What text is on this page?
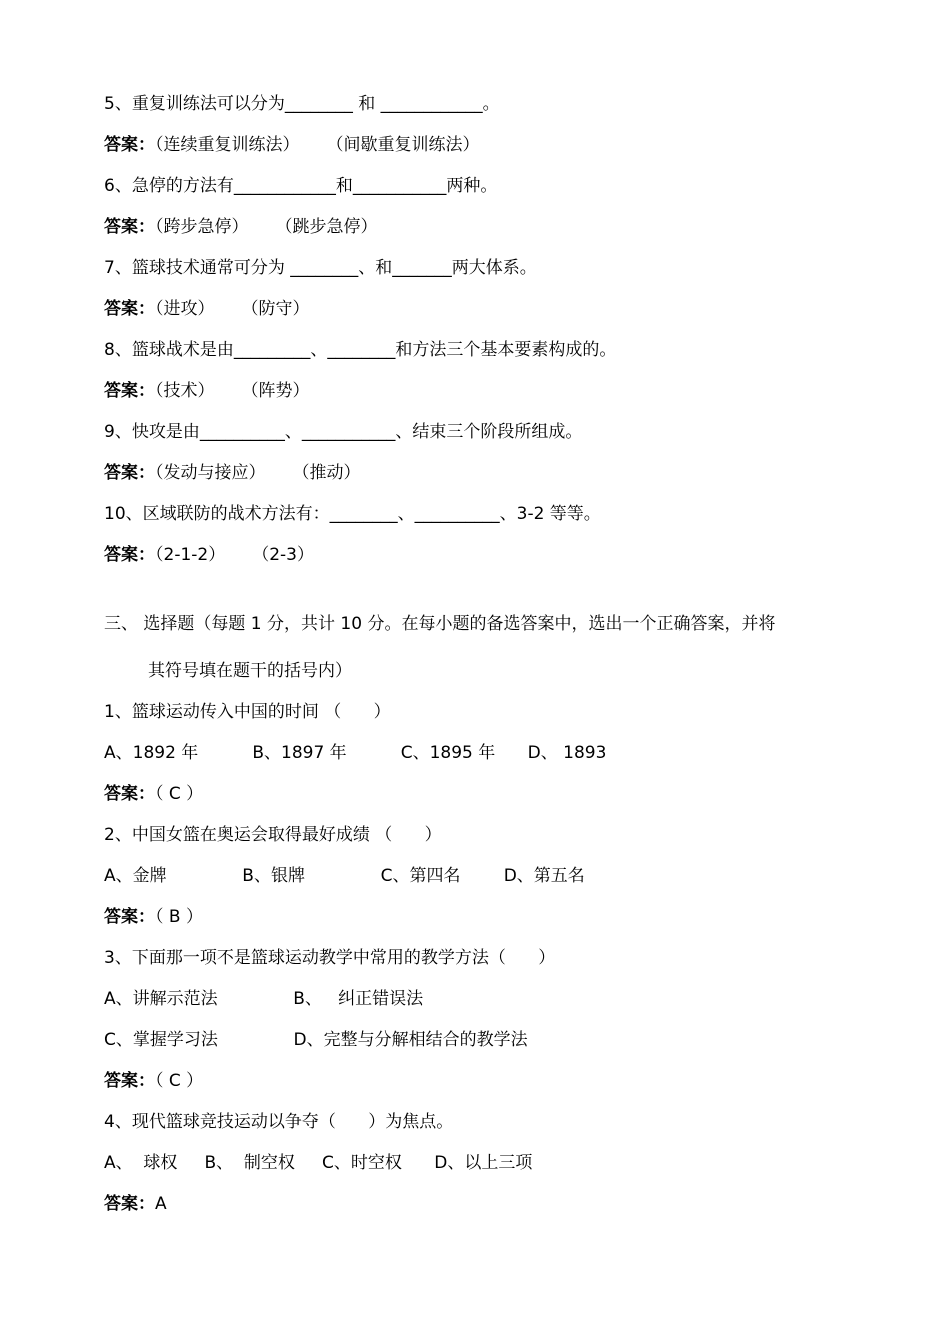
5、重复训练法可以分为________ 和 ____________。
答案：（连续重复训练法）     （间歇重复训练法）
6、急停的方法有____________和___________两种。
答案：（跨步急停）     （跳步急停）
7、篮球技术通常可分为 ________、和_______两大体系。
答案：（进攻）     （防守）
8、篮球战术是由_________、________和方法三个基本要素构成的。
答案：（技术）     （阵势）
9、快攻是由__________、___________、结束三个阶段所组成。
答案：（发动与接应）     （推动）
10、区域联防的战术方法有：________、__________、3-2 等等。
答案：（2-1-2）     （2-3）
三、 选择题（每题 1 分，共计 10 分。在每小题的备选答案中，选出一个正确答案，并将
其符号填在题干的括号内）
1、篮球运动传入中国的时间 （      ）
A、1892 年          B、1897 年          C、1895 年      D、 1893
答案：（ C ）
2、中国女篮在奥运会取得最好成绩 （      ）
A、金牌              B、银牌              C、第四名        D、第五名
答案：（ B ）
3、下面那一项不是篮球运动教学中常用的教学方法（      ）
A、讲解示范法              B、   纠正错误法
C、掌握学习法              D、完整与分解相结合的教学法
答案：（ C ）
4、现代篮球竞技运动以争夺（      ）为焦点。
A、  球权     B、  制空权     C、时空权      D、以上三项
答案：A
